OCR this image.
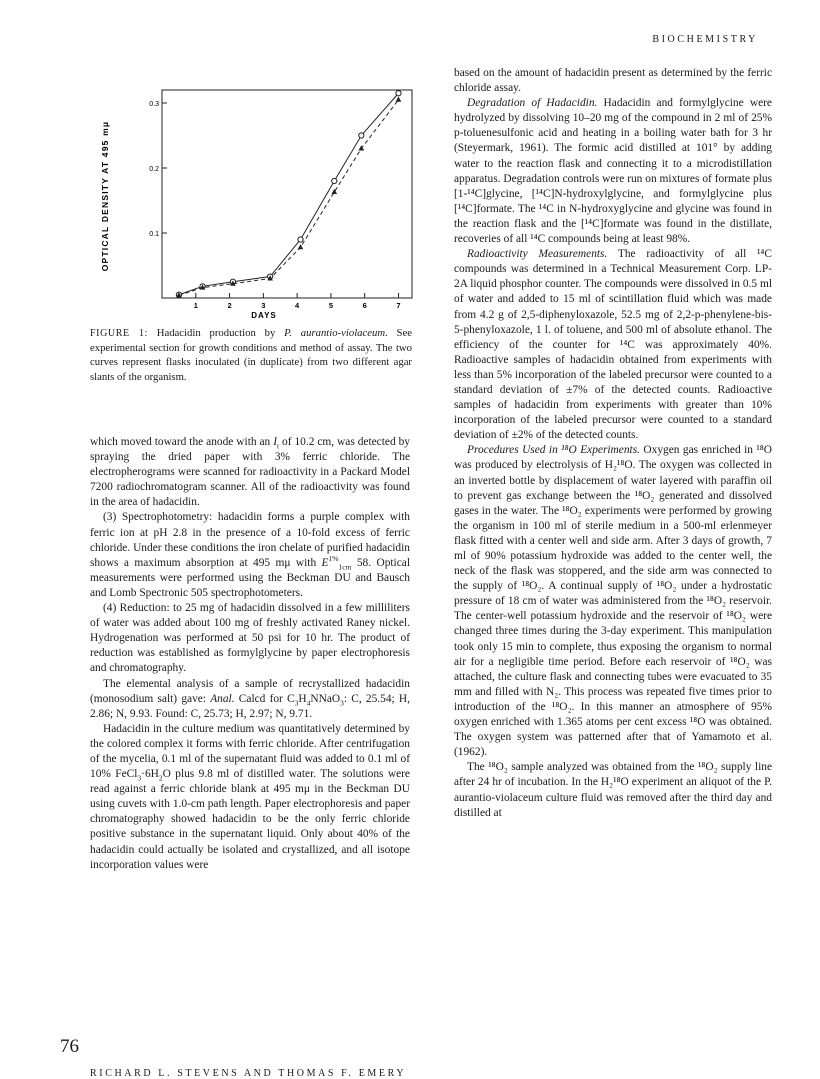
BIOCHEMISTRY
1	2	3	4	5	6	7
0.1
0.2
0.3
OPTICAL DENSITY AT 495 mμ
DAYS
FIGURE 1: Hadacidin production by P. aurantio-violaceum. See experimental section for growth conditions and method of assay. The two curves represent flasks inoculated (in duplicate) from two different agar slants of the organism.

which moved toward the anode with an $I_t$ of 10.2 cm, was detected by spraying the dried paper with 3% ferric chloride. The electropherograms were scanned for radioactivity in a Packard Model 7200 radiochromatogram scanner. All of the radioactivity was found in the area of hadacidin.

(3) Spectrophotometry: hadacidin forms a purple complex with ferric ion at pH 2.8 in the presence of a 10-fold excess of ferric chloride. Under these conditions the iron chelate of purified hadacidin shows a maximum absorption at 495 mμ with $E^{1\%}_{1cm}$ 58. Optical measurements were performed using the Beckman DU and Bausch and Lomb Spectronic 505 spectrophotometers.

(4) Reduction: to 25 mg of hadacidin dissolved in a few milliliters of water was added about 100 mg of freshly activated Raney nickel. Hydrogenation was performed at 50 psi for 10 hr. The product of reduction was established as formylglycine by paper electrophoresis and chromatography.

The elemental analysis of a sample of recrystallized hadacidin (monosodium salt) gave: Anal. Calcd for $C_3H_4NNaO_3$: C, 25.54; H, 2.86; N, 9.93. Found: C, 25.73; H, 2.97; N, 9.71.

Hadacidin in the culture medium was quantitatively determined by the colored complex it forms with ferric chloride. After centrifugation of the mycelia, 0.1 ml of the supernatant fluid was added to 0.1 ml of 10% $FeCl_3\cdot 6H_2O$ plus 9.8 ml of distilled water. The solutions were read against a ferric chloride blank at 495 mμ in the Beckman DU using cuvets with 1.0-cm path length. Paper electrophoresis and paper chromatography showed hadacidin to be the only ferric chloride positive substance in the supernatant liquid. Only about 40% of the hadacidin could actually be isolated and crystallized, and all isotope incorporation values were

based on the amount of hadacidin present as determined by the ferric chloride assay.

Degradation of Hadacidin. Hadacidin and formylglycine were hydrolyzed by dissolving 10–20 mg of the compound in 2 ml of 25% p-toluenesulfonic acid and heating in a boiling water bath for 3 hr (Steyermark, 1961). The formic acid distilled at 101° by adding water to the reaction flask and connecting it to a microdistillation apparatus. Degradation controls were run on mixtures of formate plus [1-¹⁴C]glycine, [¹⁴C]N-hydroxylglycine, and formylglycine plus [¹⁴C]formate. The ¹⁴C in N-hydroxyglycine and glycine was found in the reaction flask and the [¹⁴C]formate was found in the distillate, recoveries of all ¹⁴C compounds being at least 98%.

Radioactivity Measurements. The radioactivity of all ¹⁴C compounds was determined in a Technical Measurement Corp. LP-2A liquid phosphor counter. The compounds were dissolved in 0.5 ml of water and added to 15 ml of scintillation fluid which was made from 4.2 g of 2,5-diphenyloxazole, 52.5 mg of 2,2-p-phenylene-bis-5-phenyloxazole, 1 l. of toluene, and 500 ml of absolute ethanol. The efficiency of the counter for ¹⁴C was approximately 40%. Radioactive samples of hadacidin obtained from experiments with less than 5% incorporation of the labeled precursor were counted to a standard deviation of ±7% of the detected counts. Radioactive samples of hadacidin from experiments with greater than 10% incorporation of the labeled precursor were counted to a standard deviation of ±2% of the detected counts.

Procedures Used in ¹⁸O Experiments. Oxygen gas enriched in ¹⁸O was produced by electrolysis of H₂¹⁸O. The oxygen was collected in an inverted bottle by displacement of water layered with paraffin oil to prevent gas exchange between the ¹⁸O₂ generated and dissolved gases in the water. The ¹⁸O₂ experiments were performed by growing the organism in 100 ml of sterile medium in a 500-ml erlenmeyer flask fitted with a center well and side arm. After 3 days of growth, 7 ml of 90% potassium hydroxide was added to the center well, the neck of the flask was stoppered, and the side arm was connected to the supply of ¹⁸O₂. A continual supply of ¹⁸O₂ under a hydrostatic pressure of 18 cm of water was administered from the ¹⁸O₂ reservoir. The center-well potassium hydroxide and the reservoir of ¹⁸O₂ were changed three times during the 3-day experiment. This manipulation took only 15 min to complete, thus exposing the organism to normal air for a negligible time period. Before each reservoir of ¹⁸O₂ was attached, the culture flask and connecting tubes were evacuated to 35 mm and filled with N₂. This process was repeated five times prior to introduction of the ¹⁸O₂. In this manner an atmosphere of 95% oxygen enriched with 1.365 atoms per cent excess ¹⁸O was obtained. The oxygen system was patterned after that of Yamamoto et al. (1962).

The ¹⁸O₂ sample analyzed was obtained from the ¹⁸O₂ supply line after 24 hr of incubation. In the H₂¹⁸O experiment an aliquot of the P. aurantio-violaceum culture fluid was removed after the third day and distilled at

76
RICHARD L. STEVENS AND THOMAS F. EMERY
